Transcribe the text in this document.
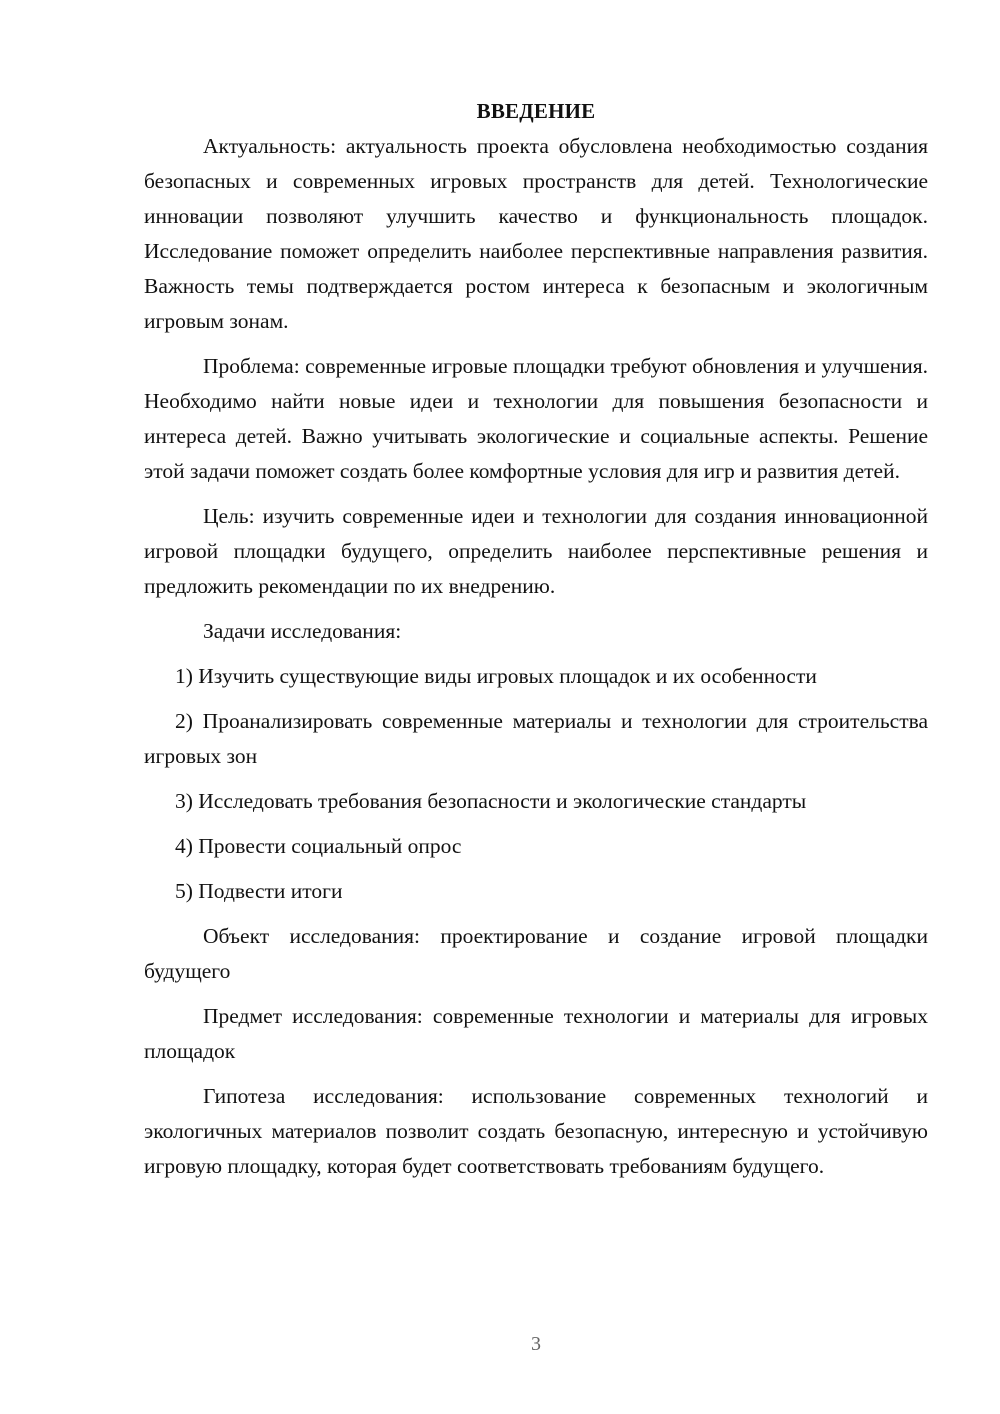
ВВЕДЕНИЕ

Актуальность: актуальность проекта обусловлена необходимостью создания безопасных и современных игровых пространств для детей. Технологические инновации позволяют улучшить качество и функциональность площадок. Исследование поможет определить наиболее перспективные направления развития. Важность темы подтверждается ростом интереса к безопасным и экологичным игровым зонам.

Проблема: современные игровые площадки требуют обновления и улучшения. Необходимо найти новые идеи и технологии для повышения безопасности и интереса детей. Важно учитывать экологические и социальные аспекты. Решение этой задачи поможет создать более комфортные условия для игр и развития детей.

Цель: изучить современные идеи и технологии для создания инновационной игровой площадки будущего, определить наиболее перспективные решения и предложить рекомендации по их внедрению.

Задачи исследования:

1) Изучить существующие виды игровых площадок и их особенности

2) Проанализировать современные материалы и технологии для строительства игровых зон

3) Исследовать требования безопасности и экологические стандарты

4) Провести социальный опрос

5) Подвести итоги

Объект исследования: проектирование и создание игровой площадки будущего

Предмет исследования: современные технологии и материалы для игровых площадок

Гипотеза исследования: использование современных технологий и экологичных материалов позволит создать безопасную, интересную и устойчивую игровую площадку, которая будет соответствовать требованиям будущего.

3
